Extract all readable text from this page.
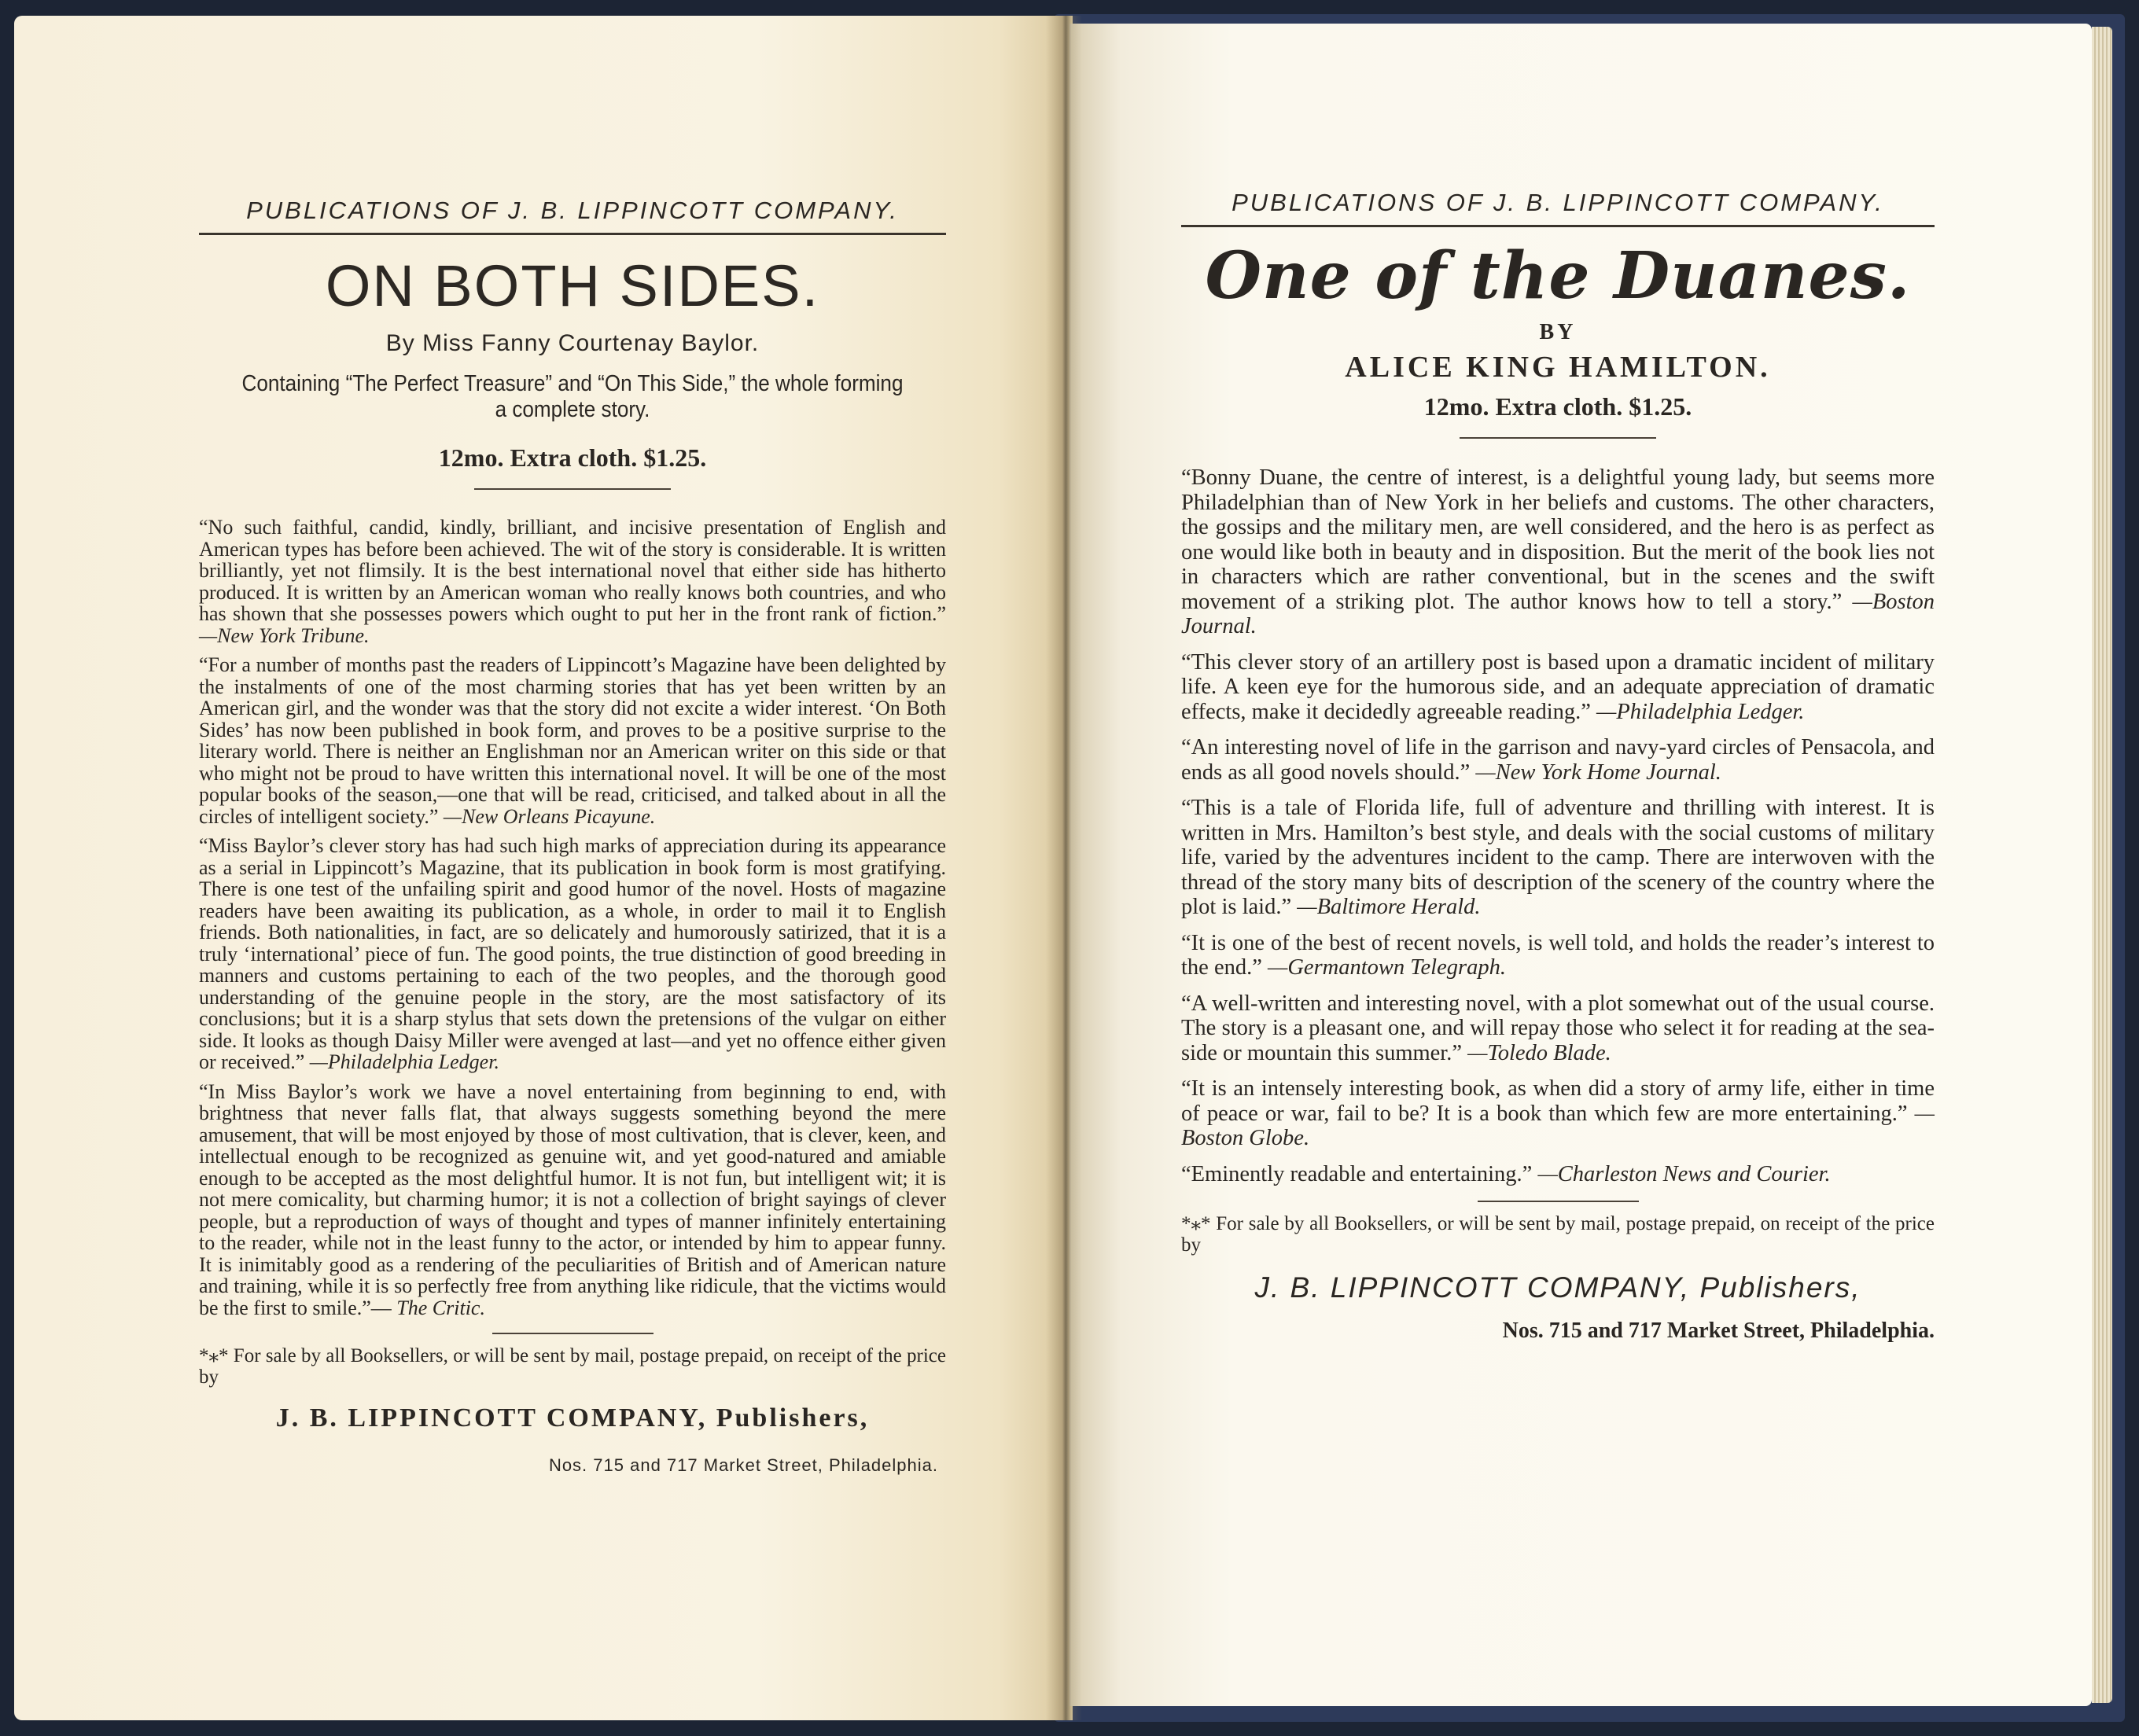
PUBLICATIONS OF J. B. LIPPINCOTT COMPANY.
ON BOTH SIDES.
By Miss Fanny Courtenay Baylor.
Containing “The Perfect Treasure” and “On This Side,” the whole forming a complete story.
12mo. Extra cloth. $1.25.

“No such faithful, candid, kindly, brilliant, and incisive presentation of English and American types has before been achieved. The wit of the story is considerable. It is written brilliantly, yet not flimsily. It is the best international novel that either side has hitherto produced. It is written by an American woman who really knows both countries, and who has shown that she possesses powers which ought to put her in the front rank of fiction.” —New York Tribune.

“For a number of months past the readers of Lippincott’s Magazine have been delighted by the instalments of one of the most charming stories that has yet been written by an American girl, and the wonder was that the story did not excite a wider interest. ‘On Both Sides’ has now been published in book form, and proves to be a positive surprise to the literary world. There is neither an Englishman nor an American writer on this side or that who might not be proud to have written this international novel. It will be one of the most popular books of the season,—one that will be read, criticised, and talked about in all the circles of intelligent society.” —New Orleans Picayune.

“Miss Baylor’s clever story has had such high marks of appreciation during its appearance as a serial in Lippincott’s Magazine, that its publication in book form is most gratifying. There is one test of the unfailing spirit and good humor of the novel. Hosts of magazine readers have been awaiting its publication, as a whole, in order to mail it to English friends. Both nationalities, in fact, are so delicately and humorously satirized, that it is a truly ‘international’ piece of fun. The good points, the true distinction of good breeding in manners and customs pertaining to each of the two peoples, and the thorough good understanding of the genuine people in the story, are the most satisfactory of its conclusions; but it is a sharp stylus that sets down the pretensions of the vulgar on either side. It looks as though Daisy Miller were avenged at last—and yet no offence either given or received.” —Philadelphia Ledger.

“In Miss Baylor’s work we have a novel entertaining from beginning to end, with brightness that never falls flat, that always suggests something beyond the mere amusement, that will be most enjoyed by those of most cultivation, that is clever, keen, and intellectual enough to be recognized as genuine wit, and yet good-natured and amiable enough to be accepted as the most delightful humor. It is not fun, but intelligent wit; it is not mere comicality, but charming humor; it is not a collection of bright sayings of clever people, but a reproduction of ways of thought and types of manner infinitely entertaining to the reader, while not in the least funny to the actor, or intended by him to appear funny. It is inimitably good as a rendering of the peculiarities of British and of American nature and training, while it is so perfectly free from anything like ridicule, that the victims would be the first to smile.”— The Critic.

*⁎* For sale by all Booksellers, or will be sent by mail, postage prepaid, on receipt of the price by
J. B. LIPPINCOTT COMPANY, Publishers,
Nos. 715 and 717 Market Street, Philadelphia.
PUBLICATIONS OF J. B. LIPPINCOTT COMPANY.
One of the Duanes.
BY
ALICE KING HAMILTON.
12mo. Extra cloth. $1.25.

“Bonny Duane, the centre of interest, is a delightful young lady, but seems more Philadelphian than of New York in her beliefs and customs. The other characters, the gossips and the military men, are well considered, and the hero is as perfect as one would like both in beauty and in disposition. But the merit of the book lies not in characters which are rather conventional, but in the scenes and the swift movement of a striking plot. The author knows how to tell a story.” —Boston Journal.

“This clever story of an artillery post is based upon a dramatic incident of military life. A keen eye for the humorous side, and an adequate appreciation of dramatic effects, make it decidedly agreeable reading.” —Philadelphia Ledger.

“An interesting novel of life in the garrison and navy-yard circles of Pensacola, and ends as all good novels should.” —New York Home Journal.

“This is a tale of Florida life, full of adventure and thrilling with interest. It is written in Mrs. Hamilton’s best style, and deals with the social customs of military life, varied by the adventures incident to the camp. There are interwoven with the thread of the story many bits of description of the scenery of the country where the plot is laid.” —Baltimore Herald.

“It is one of the best of recent novels, is well told, and holds the reader’s interest to the end.” —Germantown Telegraph.

“A well-written and interesting novel, with a plot somewhat out of the usual course. The story is a pleasant one, and will repay those who select it for reading at the sea-side or mountain this summer.” —Toledo Blade.

“It is an intensely interesting book, as when did a story of army life, either in time of peace or war, fail to be? It is a book than which few are more entertaining.” —Boston Globe.

“Eminently readable and entertaining.” —Charleston News and Courier.

*⁎* For sale by all Booksellers, or will be sent by mail, postage prepaid, on receipt of the price by
J. B. LIPPINCOTT COMPANY, Publishers,
Nos. 715 and 717 Market Street, Philadelphia.
